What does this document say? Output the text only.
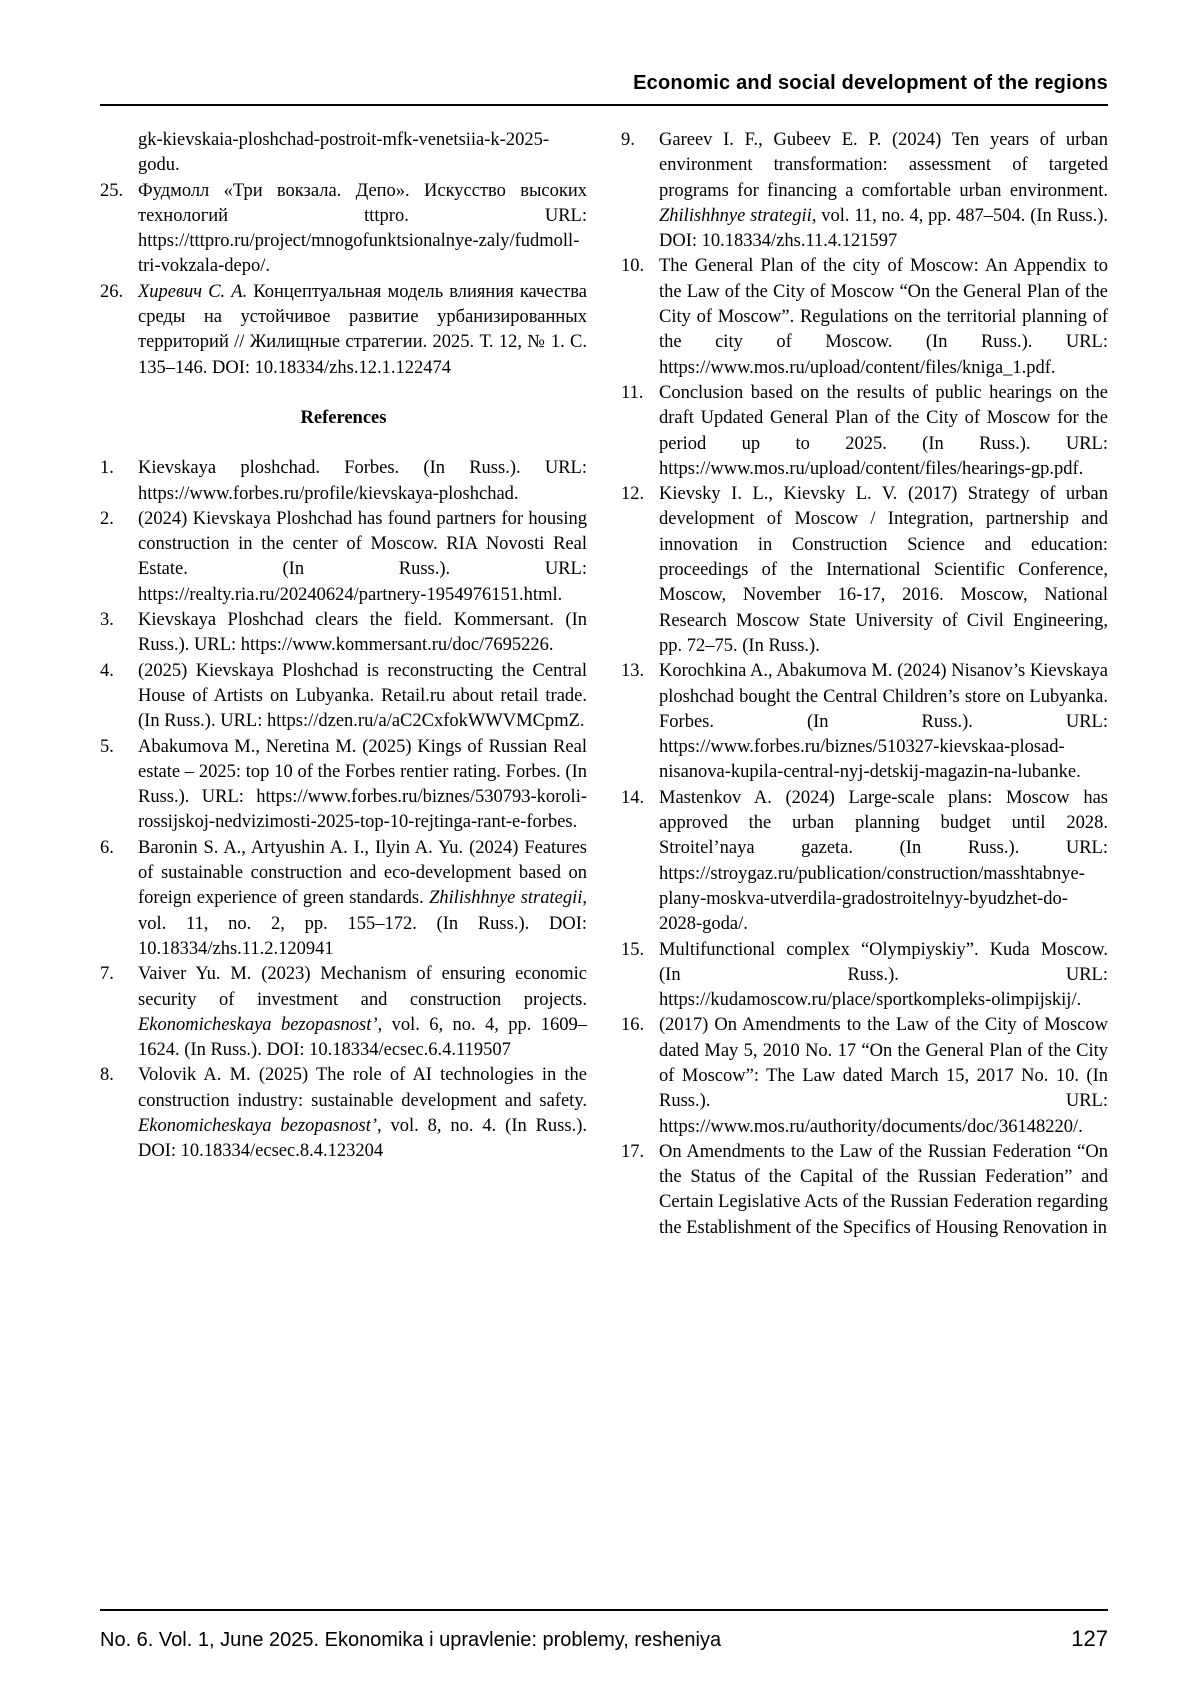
Economic and social development of the regions
gk-kievskaia-ploshchad-postroit-mfk-venetsiia-k-2025-godu.
25. Фудмолл «Три вокзала. Депо». Искусство высоких технологий tttpro. URL: https://tttpro.ru/project/mnogofunktsionalnye-zaly/fudmoll-tri-vokzala-depo/.
26. Хиревич С. А. Концептуальная модель влияния качества среды на устойчивое развитие урбанизированных территорий // Жилищные стратегии. 2025. Т. 12, № 1. С. 135–146. DOI: 10.18334/zhs.12.1.122474
References
1. Kievskaya ploshchad. Forbes. (In Russ.). URL: https://www.forbes.ru/profile/kievskaya-ploshchad.
2. (2024) Kievskaya Ploshchad has found partners for housing construction in the center of Moscow. RIA Novosti Real Estate. (In Russ.). URL: https://realty.ria.ru/20240624/partnery-1954976151.html.
3. Kievskaya Ploshchad clears the field. Kommersant. (In Russ.). URL: https://www.kommersant.ru/doc/7695226.
4. (2025) Kievskaya Ploshchad is reconstructing the Central House of Artists on Lubyanka. Retail.ru about retail trade. (In Russ.). URL: https://dzen.ru/a/aC2CxfokWWVMCpmZ.
5. Abakumova M., Neretina M. (2025) Kings of Russian Real estate – 2025: top 10 of the Forbes rentier rating. Forbes. (In Russ.). URL: https://www.forbes.ru/biznes/530793-koroli-rossijskoj-nedvizimosti-2025-top-10-rejtinga-rant-e-forbes.
6. Baronin S. A., Artyushin A. I., Ilyin A. Yu. (2024) Features of sustainable construction and eco-development based on foreign experience of green standards. Zhilishhnye strategii, vol. 11, no. 2, pp. 155–172. (In Russ.). DOI: 10.18334/zhs.11.2.120941
7. Vaiver Yu. M. (2023) Mechanism of ensuring economic security of investment and construction projects. Ekonomicheskaya bezopasnost’, vol. 6, no. 4, pp. 1609–1624. (In Russ.). DOI: 10.18334/ecsec.6.4.119507
8. Volovik A. M. (2025) The role of AI technologies in the construction industry: sustainable development and safety. Ekonomicheskaya bezopasnost’, vol. 8, no. 4. (In Russ.). DOI: 10.18334/ecsec.8.4.123204
9. Gareev I. F., Gubeev E. P. (2024) Ten years of urban environment transformation: assessment of targeted programs for financing a comfortable urban environment. Zhilishhnye strategii, vol. 11, no. 4, pp. 487–504. (In Russ.). DOI: 10.18334/zhs.11.4.121597
10. The General Plan of the city of Moscow: An Appendix to the Law of the City of Moscow “On the General Plan of the City of Moscow”. Regulations on the territorial planning of the city of Moscow. (In Russ.). URL: https://www.mos.ru/upload/content/files/kniga_1.pdf.
11. Conclusion based on the results of public hearings on the draft Updated General Plan of the City of Moscow for the period up to 2025. (In Russ.). URL: https://www.mos.ru/upload/content/files/hearings-gp.pdf.
12. Kievsky I. L., Kievsky L. V. (2017) Strategy of urban development of Moscow / Integration, partnership and innovation in Construction Science and education: proceedings of the International Scientific Conference, Moscow, November 16-17, 2016. Moscow, National Research Moscow State University of Civil Engineering, pp. 72–75. (In Russ.).
13. Korochkina A., Abakumova M. (2024) Nisanov’s Kievskaya ploshchad bought the Central Children’s store on Lubyanka. Forbes. (In Russ.). URL: https://www.forbes.ru/biznes/510327-kievskaa-plosad-nisanova-kupila-central-nyj-detskij-magazin-na-lubanke.
14. Mastenkov A. (2024) Large-scale plans: Moscow has approved the urban planning budget until 2028. Stroitel’naya gazeta. (In Russ.). URL: https://stroygaz.ru/publication/construction/masshtabnye-plany-moskva-utverdila-gradostroitelnyy-byudzhet-do-2028-goda/.
15. Multifunctional complex “Olympiyskiy”. Kuda Moscow. (In Russ.). URL: https://kudamoscow.ru/place/sportkompleks-olimpijskij/.
16. (2017) On Amendments to the Law of the City of Moscow dated May 5, 2010 No. 17 “On the General Plan of the City of Moscow”: The Law dated March 15, 2017 No. 10. (In Russ.). URL: https://www.mos.ru/authority/documents/doc/36148220/.
17. On Amendments to the Law of the Russian Federation “On the Status of the Capital of the Russian Federation” and Certain Legislative Acts of the Russian Federation regarding the Establishment of the Specifics of Housing Renovation in
No. 6. Vol. 1, June 2025. Ekonomika i upravlenie: problemy, resheniya	127
